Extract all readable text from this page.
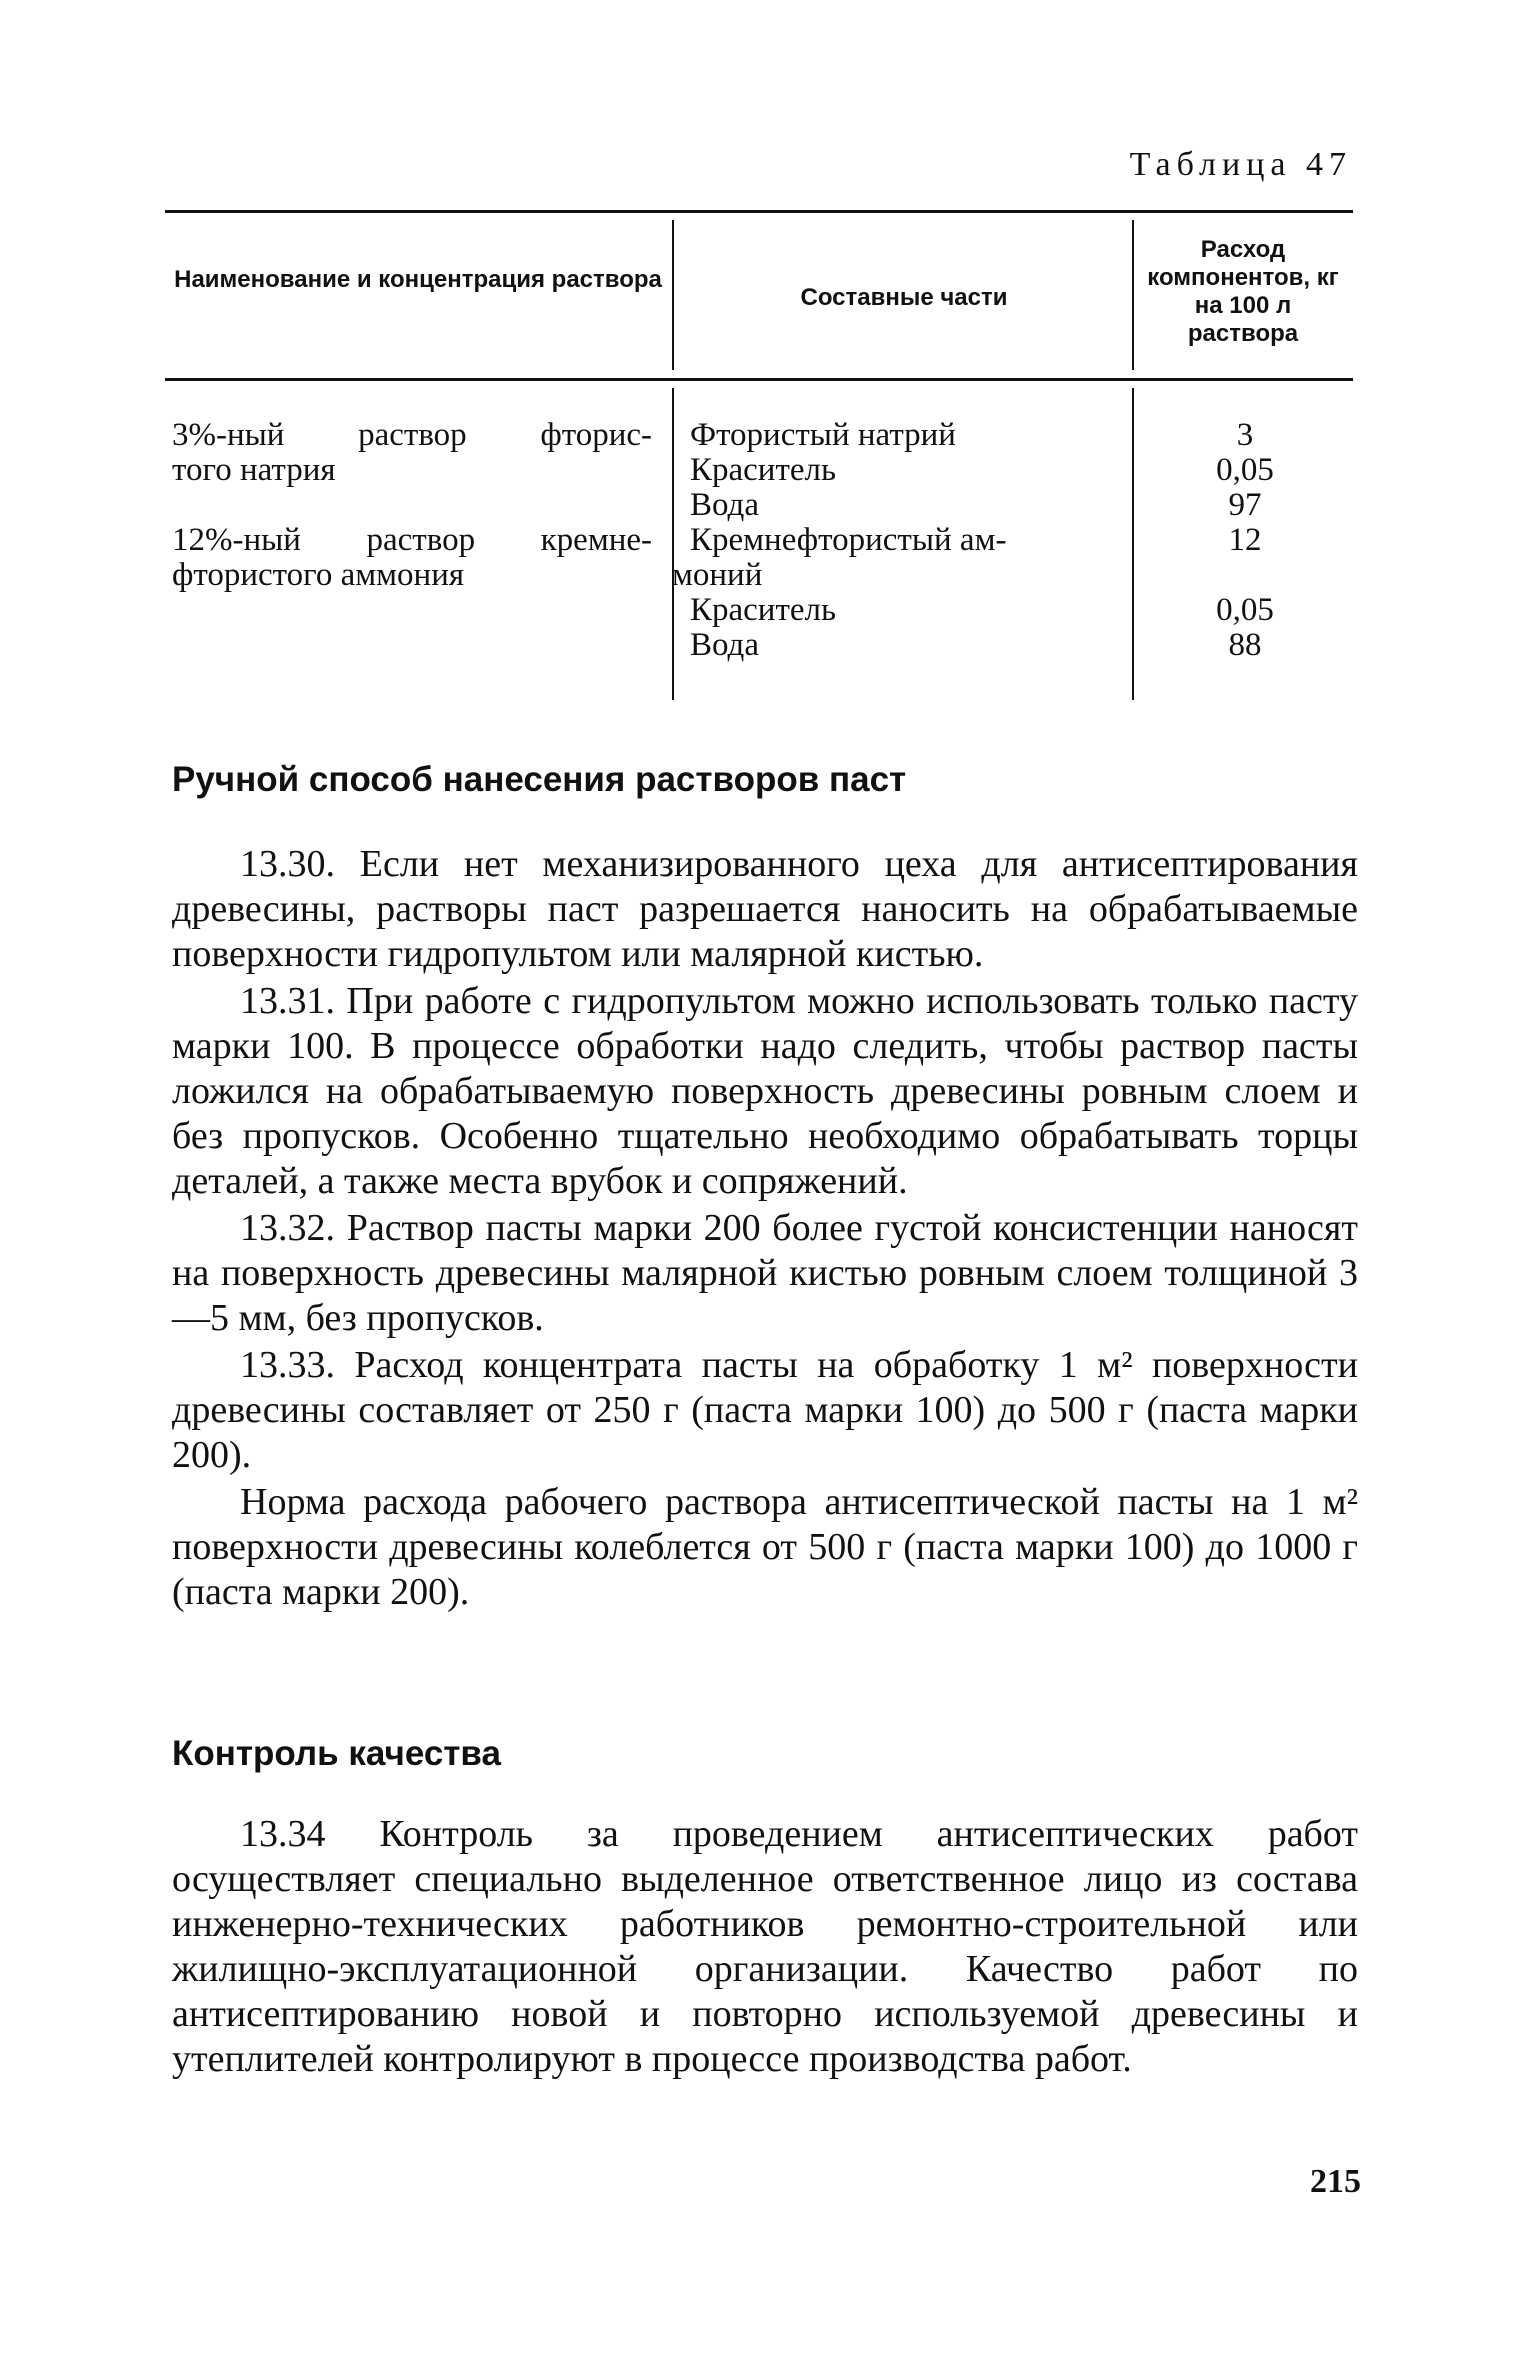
Таблица 47
Наименование и концентрация раствора
Составные части
Расход компонентов, кг на 100 л раствора
3%-ный раствор фторис-
того натрия
12%-ный раствор кремне-
фтористого аммония
Фтористый натрий
Краситель
Вода
Кремнефтористый ам-
моний
Краситель
Вода
3
0,05
97
12

0,05
88
Ручной способ нанесения растворов паст

13.30. Если нет механизированного цеха для антисептирования древесины, растворы паст разрешается наносить на обрабатываемые поверхности гидропультом или малярной кистью.

13.31. При работе с гидропультом можно использовать только пасту марки 100. В процессе обработки надо следить, чтобы раствор пасты ложился на обрабатываемую поверхность древесины ровным слоем и без пропусков. Особенно тщательно необходимо обрабатывать торцы деталей, а также места врубок и сопряжений.

13.32. Раствор пасты марки 200 более густой консистенции наносят на поверхность древесины малярной кистью ровным слоем толщиной 3—5 мм, без пропусков.

13.33. Расход концентрата пасты на обработку 1 м² поверхности древесины составляет от 250 г (паста марки 100) до 500 г (паста марки 200).

Норма расхода рабочего раствора антисептической пасты на 1 м² поверхности древесины колеблется от 500 г (паста марки 100) до 1000 г (паста марки 200).

Контроль качества

13.34 Контроль за проведением антисептических работ осуществляет специально выделенное ответственное лицо из состава инженерно-технических работников ремонтно-строительной или жилищно-эксплуатационной организации. Качество работ по антисептированию новой и повторно используемой древесины и утеплителей контролируют в процессе производства работ.

215
